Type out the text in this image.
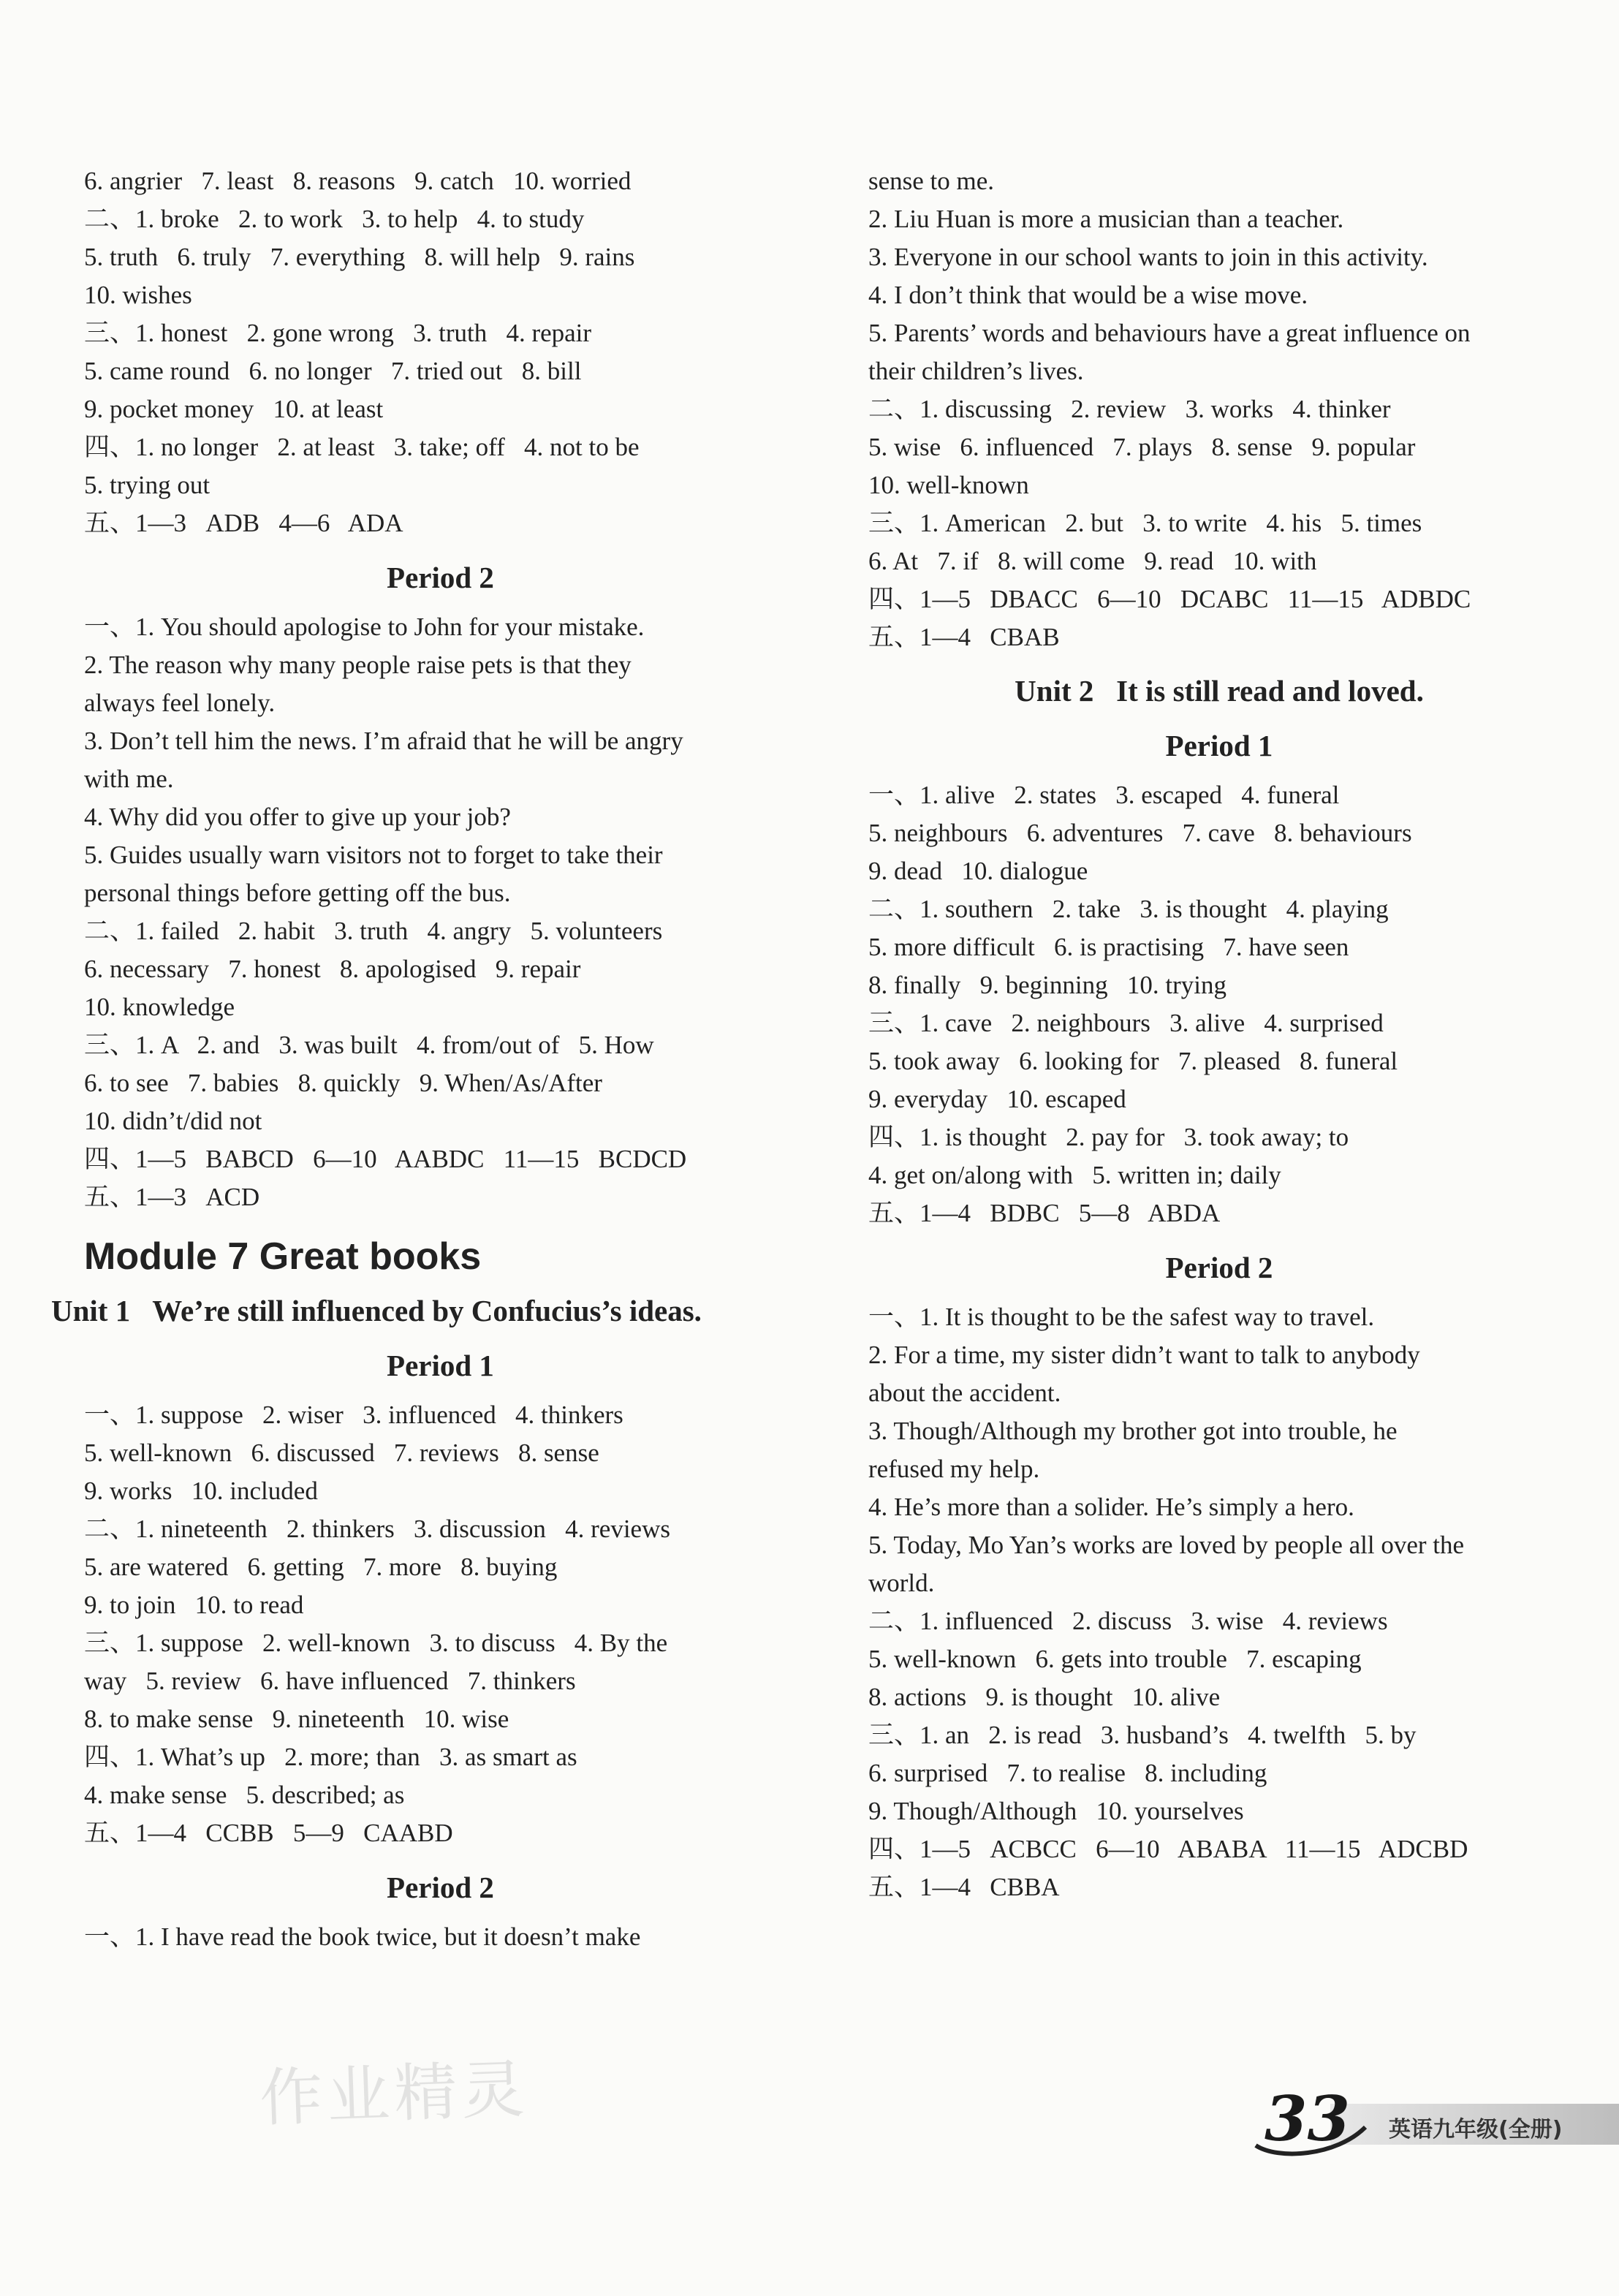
6. angrier   7. least   8. reasons   9. catch   10. worried
二、1. broke   2. to work   3. to help   4. to study
5. truth   6. truly   7. everything   8. will help   9. rains
10. wishes
三、1. honest   2. gone wrong   3. truth   4. repair
5. came round   6. no longer   7. tried out   8. bill
9. pocket money   10. at least
四、1. no longer   2. at least   3. take; off   4. not to be
5. trying out
五、1—3   ADB   4—6   ADA
Period 2
一、1. You should apologise to John for your mistake.
2. The reason why many people raise pets is that they
always feel lonely.
3. Don’t tell him the news. I’m afraid that he will be angry
with me.
4. Why did you offer to give up your job?
5. Guides usually warn visitors not to forget to take their
personal things before getting off the bus.
二、1. failed   2. habit   3. truth   4. angry   5. volunteers
6. necessary   7. honest   8. apologised   9. repair
10. knowledge
三、1. A   2. and   3. was built   4. from/out of   5. How
6. to see   7. babies   8. quickly   9. When/As/After
10. didn’t/did not
四、1—5   BABCD   6—10   AABDC   11—15   BCDCD
五、1—3   ACD
Module 7 Great books
Unit 1   We’re still influenced by Confucius’s ideas.
Period 1
一、1. suppose   2. wiser   3. influenced   4. thinkers
5. well-known   6. discussed   7. reviews   8. sense
9. works   10. included
二、1. nineteenth   2. thinkers   3. discussion   4. reviews
5. are watered   6. getting   7. more   8. buying
9. to join   10. to read
三、1. suppose   2. well-known   3. to discuss   4. By the
way   5. review   6. have influenced   7. thinkers
8. to make sense   9. nineteenth   10. wise
四、1. What’s up   2. more; than   3. as smart as
4. make sense   5. described; as
五、1—4   CCBB   5—9   CAABD
Period 2
一、1. I have read the book twice, but it doesn’t make
sense to me.
2. Liu Huan is more a musician than a teacher.
3. Everyone in our school wants to join in this activity.
4. I don’t think that would be a wise move.
5. Parents’ words and behaviours have a great influence on
their children’s lives.
二、1. discussing   2. review   3. works   4. thinker
5. wise   6. influenced   7. plays   8. sense   9. popular
10. well-known
三、1. American   2. but   3. to write   4. his   5. times
6. At   7. if   8. will come   9. read   10. with
四、1—5   DBACC   6—10   DCABC   11—15   ADBDC
五、1—4   CBAB
Unit 2   It is still read and loved.
Period 1
一、1. alive   2. states   3. escaped   4. funeral
5. neighbours   6. adventures   7. cave   8. behaviours
9. dead   10. dialogue
二、1. southern   2. take   3. is thought   4. playing
5. more difficult   6. is practising   7. have seen
8. finally   9. beginning   10. trying
三、1. cave   2. neighbours   3. alive   4. surprised
5. took away   6. looking for   7. pleased   8. funeral
9. everyday   10. escaped
四、1. is thought   2. pay for   3. took away; to
4. get on/along with   5. written in; daily
五、1—4   BDBC   5—8   ABDA
Period 2
一、1. It is thought to be the safest way to travel.
2. For a time, my sister didn’t want to talk to anybody
about the accident.
3. Though/Although my brother got into trouble, he
refused my help.
4. He’s more than a solider. He’s simply a hero.
5. Today, Mo Yan’s works are loved by people all over the
world.
二、1. influenced   2. discuss   3. wise   4. reviews
5. well-known   6. gets into trouble   7. escaping
8. actions   9. is thought   10. alive
三、1. an   2. is read   3. husband’s   4. twelfth   5. by
6. surprised   7. to realise   8. including
9. Though/Although   10. yourselves
四、1—5   ACBCC   6—10   ABABA   11—15   ADCBD
五、1—4   CBBA
作业精灵	33 英语九年级(全册)
